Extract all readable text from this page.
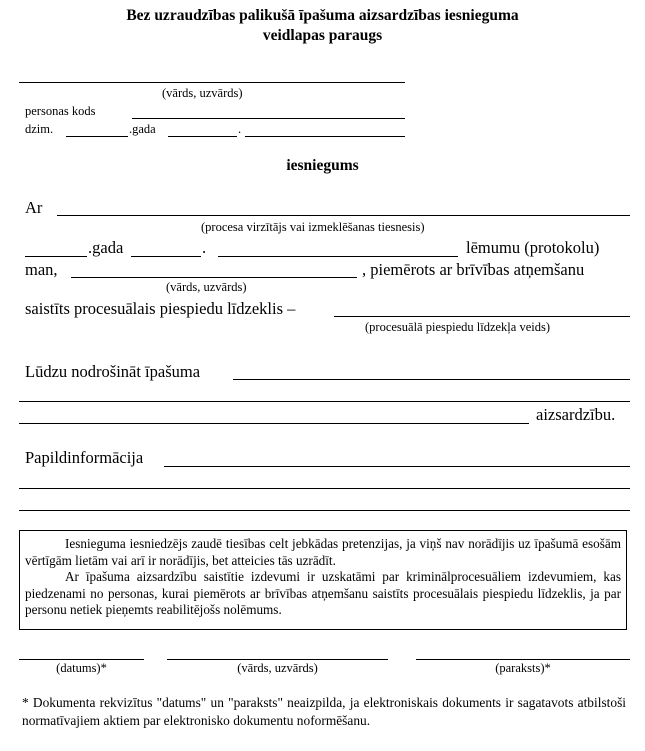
Bez uzraudzības palikušā īpašuma aizsardzības iesnieguma
veidlapas paraugs
(vārds, uzvārds)
personas kods
dzim.	.gada	.
iesniegums
Ar
(procesa virzītājs vai izmeklēšanas tiesnesis)
.gada	.	lēmumu (protokolu)
man,	, piemērots ar brīvības atņemšanu
(vārds, uzvārds)
saistīts procesuālais piespiedu līdzeklis –
(procesuālā piespiedu līdzekļa veids)
Lūdzu nodrošināt īpašuma
aizsardzību.
Papildinformācija

Iesnieguma iesniedzējs zaudē tiesības celt jebkādas pretenzijas, ja viņš nav norādījis uz īpašumā esošām vērtīgām lietām vai arī ir norādījis, bet atteicies tās uzrādīt.

Ar īpašuma aizsardzību saistītie izdevumi ir uzskatāmi par kriminālprocesuāliem izdevumiem, kas piedzenami no personas, kurai piemērots ar brīvības atņemšanu saistīts procesuālais piespiedu līdzeklis, ja par personu netiek pieņemts reabilitējošs nolēmums.

(datums)*	(vārds, uzvārds)	(paraksts)*
* Dokumenta rekvizītus "datums" un "paraksts" neaizpilda, ja elektroniskais dokuments ir sagatavots atbilstoši normatīvajiem aktiem par elektronisko dokumentu noformēšanu.
